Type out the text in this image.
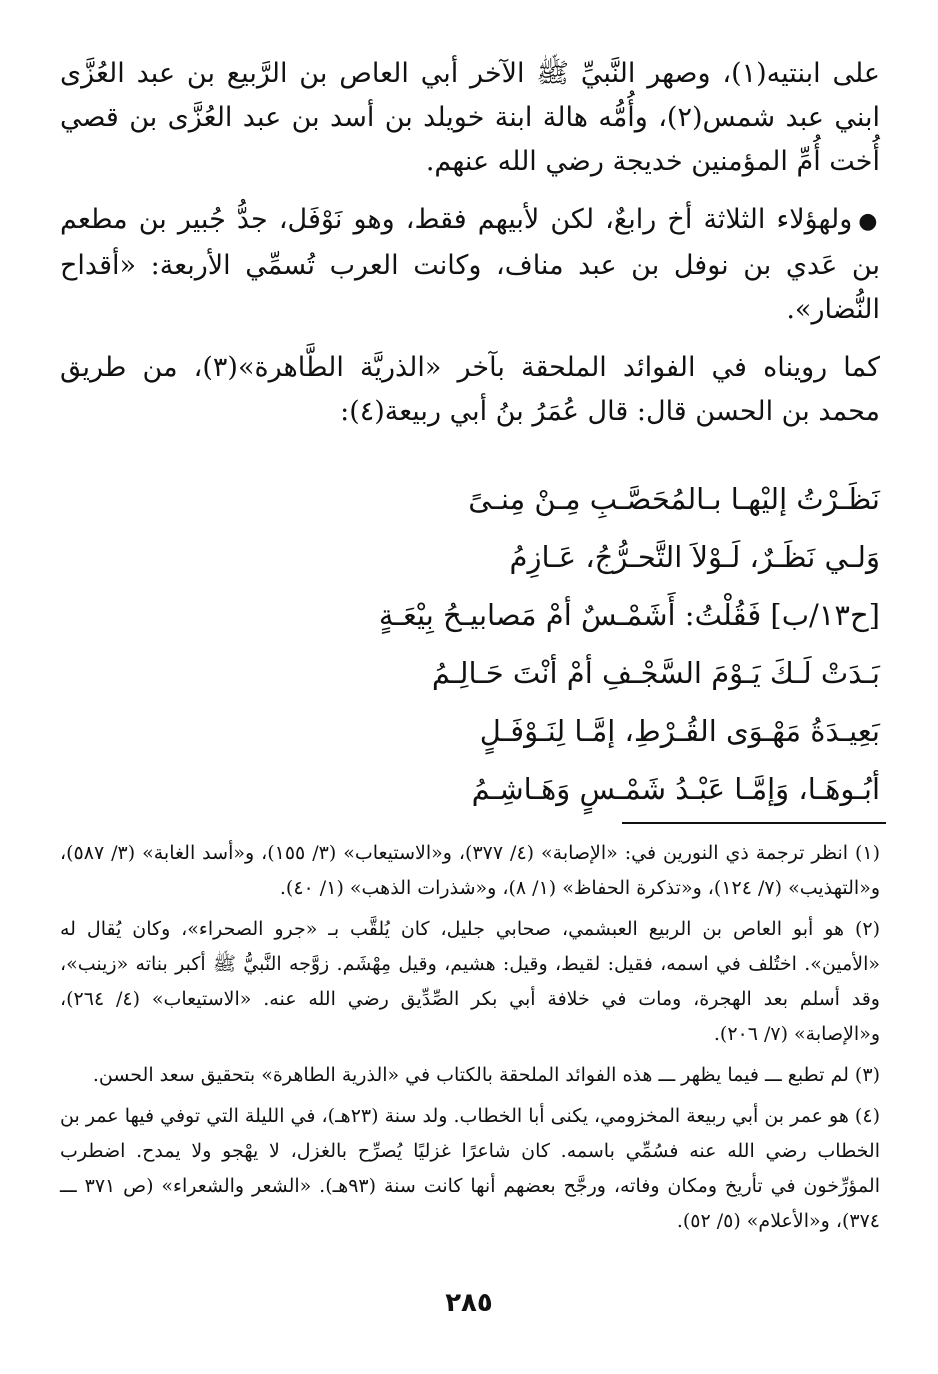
على ابنتيه(١)، وصهر النَّبيِّ ﷺ الآخر أبي العاص بن الرَّبيع بن عبد العُزَّى ابني عبد شمس(٢)، وأُمُّه هالة ابنة خويلد بن أسد بن عبد العُزَّى بن قصي أُخت أُمِّ المؤمنين خديجة رضي الله عنهم.

●ولهؤلاء الثلاثة أخ رابعٌ، لكن لأبيهم فقط، وهو نَوْفَل، جدُّ جُبير بن مطعم بن عَدي بن نوفل بن عبد مناف، وكانت العرب تُسمِّي الأربعة: «أقداح النُّضار».

كما رويناه في الفوائد الملحقة بآخر «الذريَّة الطَّاهرة»(٣)، من طريق محمد بن الحسن قال: قال عُمَرُ بنُ أبي ربيعة(٤):

نَظَـرْتُ إليْهـا بـالمُحَصَّـبِ مِـنْ مِنـىً
وَلـي نَظَـرٌ، لَـوْلاَ التَّحـرُّجُ، عَـازِمُ
[ح١٣/ب] فَقُلْتُ: أَشَمْـسٌ أمْ مَصابيـحُ بِيْعَـةٍ
بَـدَتْ لَـكَ يَـوْمَ السَّجْـفِ أمْ أنْتَ حَـالِـمُ
بَعِيـدَةُ مَهْـوَى القُـرْطِ، إمَّـا لِنَـوْفَـلٍ
أبُـوهَـا، وَإمَّـا عَبْـدُ شَمْـسٍ وَهَـاشِـمُ

(١) انظر ترجمة ذي النورين في: «الإصابة» (٤/ ٣٧٧)، و«الاستيعاب» (٣/ ١٥٥)، و«أسد الغابة» (٣/ ٥٨٧)، و«التهذيب» (٧/ ١٢٤)، و«تذكرة الحفاظ» (١/ ٨)، و«شذرات الذهب» (١/ ٤٠).

(٢) هو أبو العاص بن الربيع العبشمي، صحابي جليل، كان يُلقَّب بـ «جرو الصحراء»، وكان يُقال له «الأمين». اختُلف في اسمه، فقيل: لقيط، وقيل: هشيم، وقيل مِهْشَم. زوَّجه النَّبيُّ ﷺ أكبر بناته «زينب»، وقد أسلم بعد الهجرة، ومات في خلافة أبي بكر الصِّدِّيق رضي الله عنه. «الاستيعاب» (٤/ ٢٦٤)، و«الإصابة» (٧/ ٢٠٦).

(٣) لم تطبع ـــ فيما يظهر ـــ هذه الفوائد الملحقة بالكتاب في «الذرية الطاهرة» بتحقيق سعد الحسن.

(٤) هو عمر بن أبي ربيعة المخزومي، يكنى أبا الخطاب. ولد سنة (٢٣هـ)، في الليلة التي توفي فيها عمر بن الخطاب رضي الله عنه فسُمِّي باسمه. كان شاعرًا غزليًا يُصرِّح بالغزل، لا يهْجو ولا يمدح. اضطرب المؤرِّخون في تأريخ ومكان وفاته، ورجَّح بعضهم أنها كانت سنة (٩٣هـ). «الشعر والشعراء» (ص ٣٧١ ـــ ٣٧٤)، و«الأعلام» (٥/ ٥٢).

٢٨٥
